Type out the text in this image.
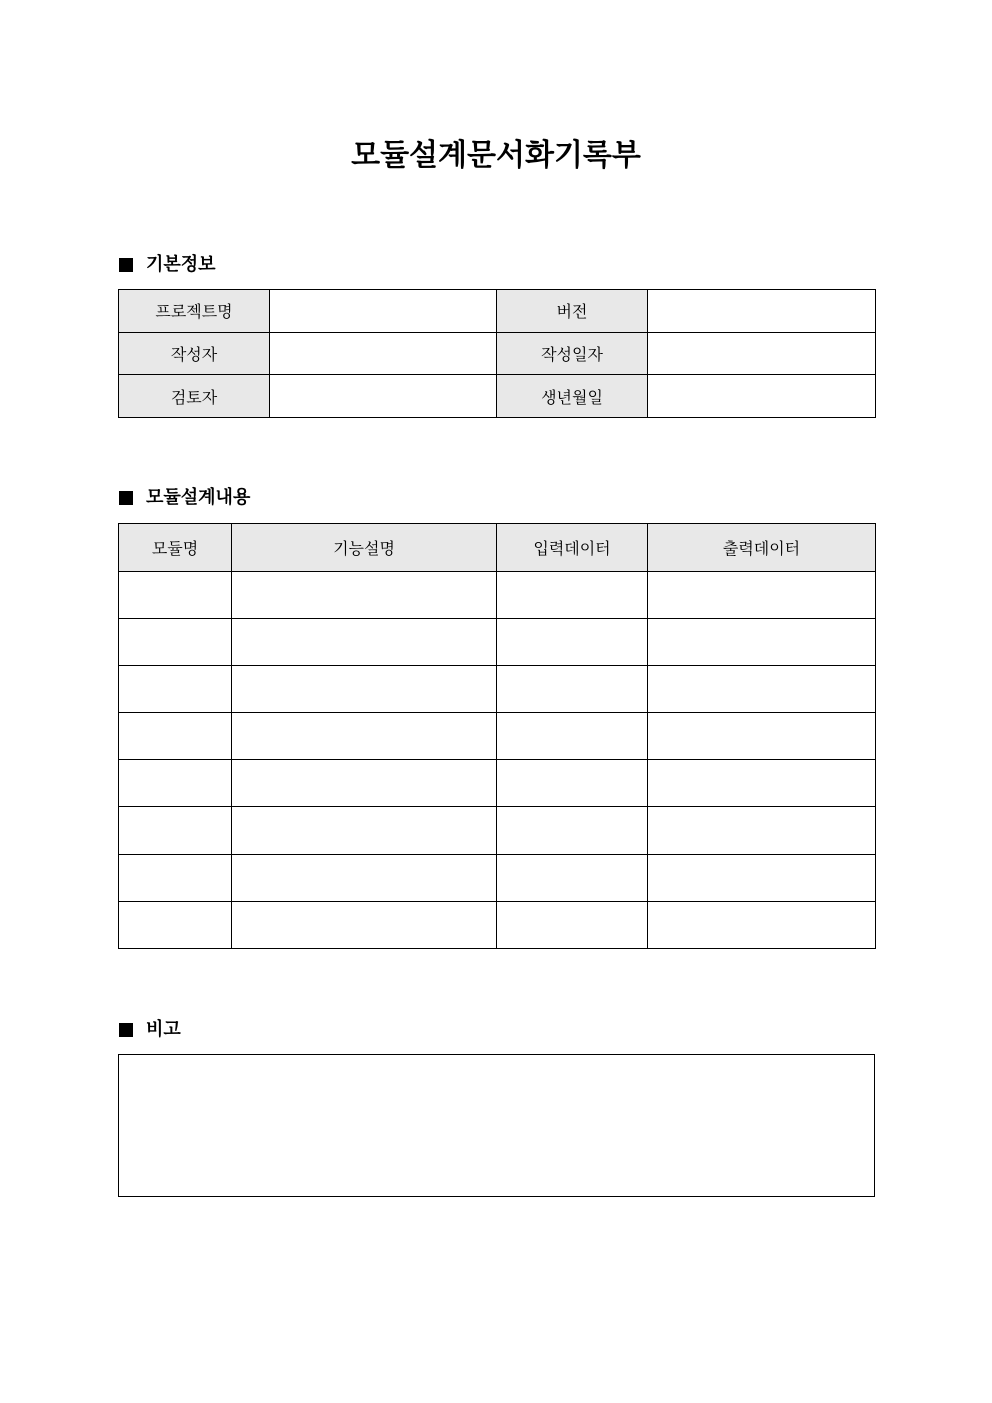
모듈설계문서화기록부
기본정보
프로젝트명		버전	
작성자		작성일자	
검토자		생년월일	
모듈설계내용
모듈명	기능설명	입력데이터	출력데이터

비고
